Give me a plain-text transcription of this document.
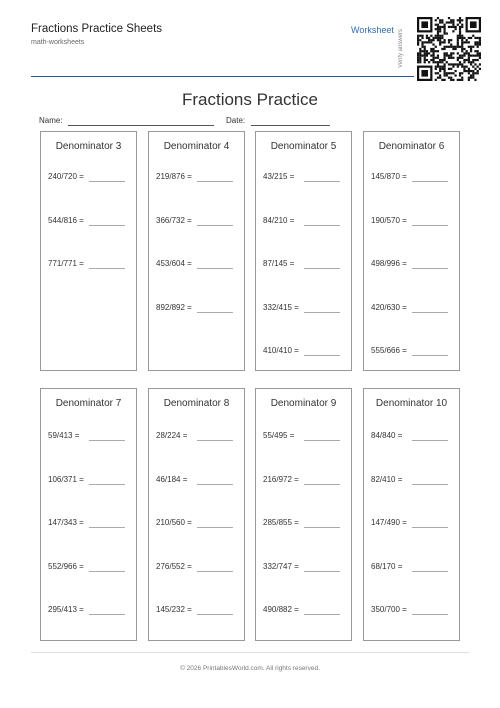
Fractions Practice Sheets
math-worksheets
Worksheet Verify answers
Fractions Practice
Name:	Date:
Denominator 3
240/720 =
544/816 =
771/771 =
Denominator 4
219/876 =
366/732 =
453/604 =
892/892 =
Denominator 5
43/215 =
84/210 =
87/145 =
332/415 =
410/410 =
Denominator 6
145/870 =
190/570 =
498/996 =
420/630 =
555/666 =
Denominator 7
59/413 =
106/371 =
147/343 =
552/966 =
295/413 =
Denominator 8
28/224 =
46/184 =
210/560 =
276/552 =
145/232 =
Denominator 9
55/495 =
216/972 =
285/855 =
332/747 =
490/882 =
Denominator 10
84/840 =
82/410 =
147/490 =
68/170 =
350/700 =
© 2026 PrintablesWorld.com. All rights reserved.
